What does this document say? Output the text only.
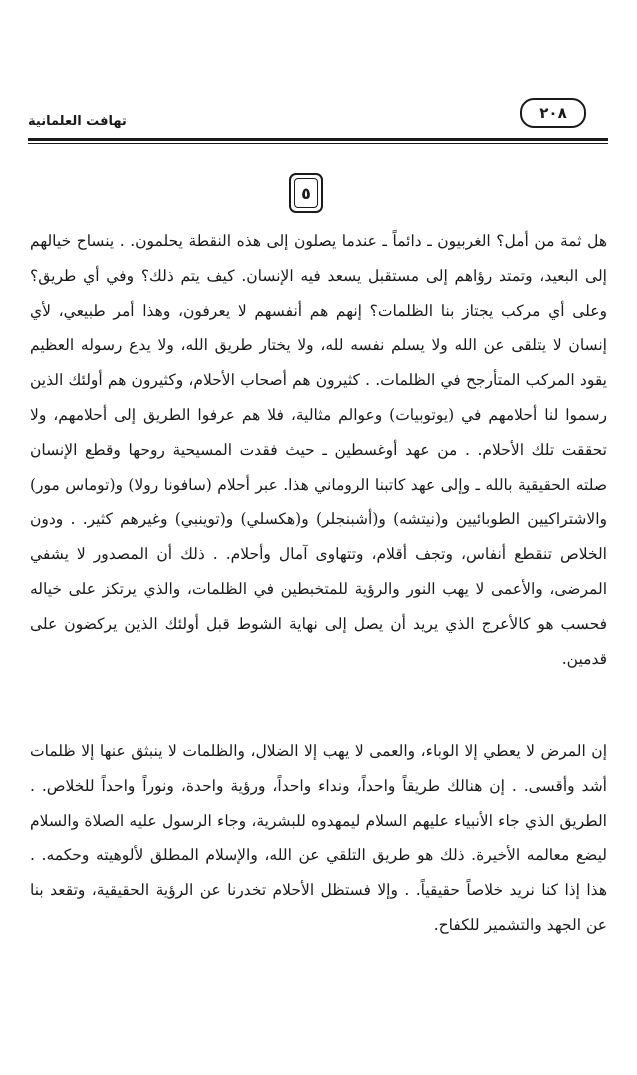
تهافت العلمانية	٢٠٨
٥

هل ثمة من أمل؟ الغربيون ـ دائماً ـ عندما يصلون إلى هذه النقطة يحلمون. . ينساح خيالهم إلى البعيد، وتمتد رؤاهم إلى مستقبل يسعد فيه الإنسان. كيف يتم ذلك؟ وفي أي طريق؟ وعلى أي مركب يجتاز بنا الظلمات؟ إنهم هم أنفسهم لا يعرفون، وهذا أمر طبيعي، لأي إنسان لا يتلقى عن الله ولا يسلم نفسه لله، ولا يختار طريق الله، ولا يدع رسوله العظيم يقود المركب المتأرجح في الظلمات. . كثيرون هم أصحاب الأحلام، وكثيرون هم أولئك الذين رسموا لنا أحلامهم في (يوتوبيات) وعوالم مثالية، فلا هم عرفوا الطريق إلى أحلامهم، ولا تحققت تلك الأحلام. . من عهد أوغسطين ـ حيث فقدت المسيحية روحها وقطع الإنسان صلته الحقيقية بالله ـ وإلى عهد كاتبنا الروماني هذا. عبر أحلام (سافونا رولا) و(توماس مور) والاشتراكيين الطوبائيين و(نيتشه) و(أشبنجلر) و(هكسلي) و(توينبي) وغيرهم كثير. . ودون الخلاص تنقطع أنفاس، وتجف أقلام، وتتهاوى آمال وأحلام. . ذلك أن المصدور لا يشفي المرضى، والأعمى لا يهب النور والرؤية للمتخبطين في الظلمات، والذي يرتكز على خياله فحسب هو كالأعرج الذي يريد أن يصل إلى نهاية الشوط قبل أولئك الذين يركضون على قدمين.

إن المرض لا يعطي إلا الوباء، والعمى لا يهب إلا الضلال، والظلمات لا ينبثق عنها إلا ظلمات أشد وأقسى. . إن هنالك طريقاً واحداً، ونداء واحداً، ورؤية واحدة، ونوراً واحداً للخلاص. . الطريق الذي جاء الأنبياء عليهم السلام ليمهدوه للبشرية، وجاء الرسول عليه الصلاة والسلام ليضع معالمه الأخيرة. ذلك هو طريق التلقي عن الله، والإسلام المطلق لألوهيته وحكمه. . هذا إذا كنا نريد خلاصاً حقيقياً. . وإلا فستظل الأحلام تخدرنا عن الرؤية الحقيقية، وتقعد بنا عن الجهد والتشمير للكفاح.
